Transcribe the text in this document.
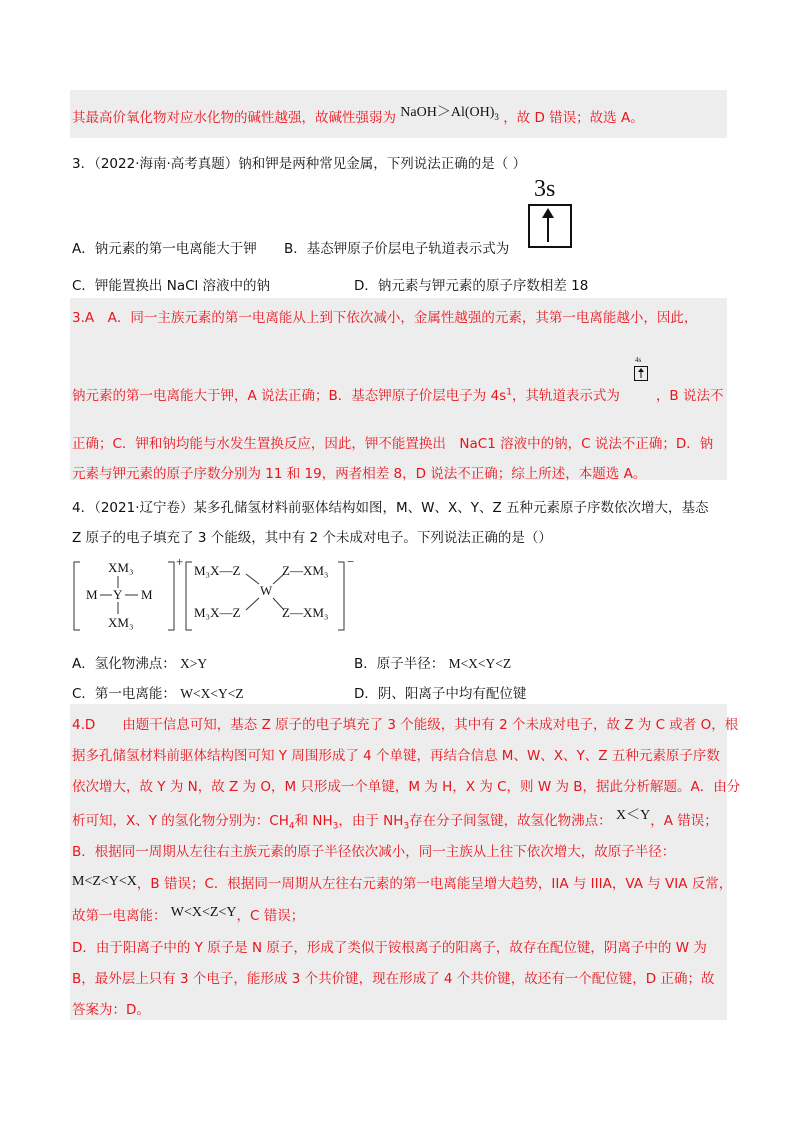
其最高价氧化物对应水化物的碱性越强，故碱性强弱为 $NaOH>Al(OH)_3$ ，故 D 错误；故选 A。
3．（2022·海南·高考真题）钠和钾是两种常见金属，下列说法正确的是（ ）
3s
A．钠元素的第一电离能大于钾 B．基态钾原子价层电子轨道表示式为
C．钾能置换出 NaCl 溶液中的钠	D．钠元素与钾元素的原子序数相差 18
3.A　A．同一主族元素的第一电离能从上到下依次减小，金属性越强的元素，其第一电离能越小，因此，
钠元素的第一电离能大于钾，A 说法正确；B．基态钾原子价层电子为 $4s^1$，其轨道表示式为	，B 说法不
4s
正确；C．钾和钠均能与水发生置换反应，因此，钾不能置换出　NaC1 溶液中的钠，C 说法不正确；D．钠
元素与钾元素的原子序数分别为 11 和 19，两者相差 8，D 说法不正确；综上所述，本题选 A。
4．（2021·辽宁卷）某多孔储氢材料前驱体结构如图，M、W、X、Y、Z 五种元素原子序数依次增大，基态
Z 原子的电子填充了 3 个能级，其中有 2 个未成对电子。下列说法正确的是（）
XM₃
M Y M
XM₃
+
M₃X—Z	Z—XM₃
W
M₃X—Z	Z—XM₃
−
A．氢化物沸点： X>Y	B．原子半径： M<X<Y<Z
C．第一电离能： W<X<Y<Z	D．阴、阳离子中均有配位键
4.D　　由题干信息可知，基态 Z 原子的电子填充了 3 个能级，其中有 2 个未成对电子，故 Z 为 C 或者 O，根
据多孔储氢材料前驱体结构图可知 Y 周围形成了 4 个单键，再结合信息 M、W、X、Y、Z 五种元素原子序数
依次增大，故 Y 为 N，故 Z 为 O，M 只形成一个单键，M 为 H，X 为 C，则 W 为 B，据此分析解题。A．由分
析可知，X、Y 的氢化物分别为：$CH_4$和 $NH_3$，由于 $NH_3$存在分子间氢键，故氢化物沸点： X＜Y，A 错误；
B．根据同一周期从左往右主族元素的原子半径依次减小，同一主族从上往下依次增大，故原子半径：
M<Z<Y<X，B 错误；C．根据同一周期从左往右元素的第一电离能呈增大趋势，IIA 与 IIIA，VA 与 VIA 反常，
故第一电离能： W<X<Z<Y，C 错误；
D．由于阳离子中的 Y 原子是 N 原子，形成了类似于铵根离子的阳离子，故存在配位键，阴离子中的 W 为
B，最外层上只有 3 个电子，能形成 3 个共价键，现在形成了 4 个共价键，故还有一个配位键，D 正确；故
答案为：D。
